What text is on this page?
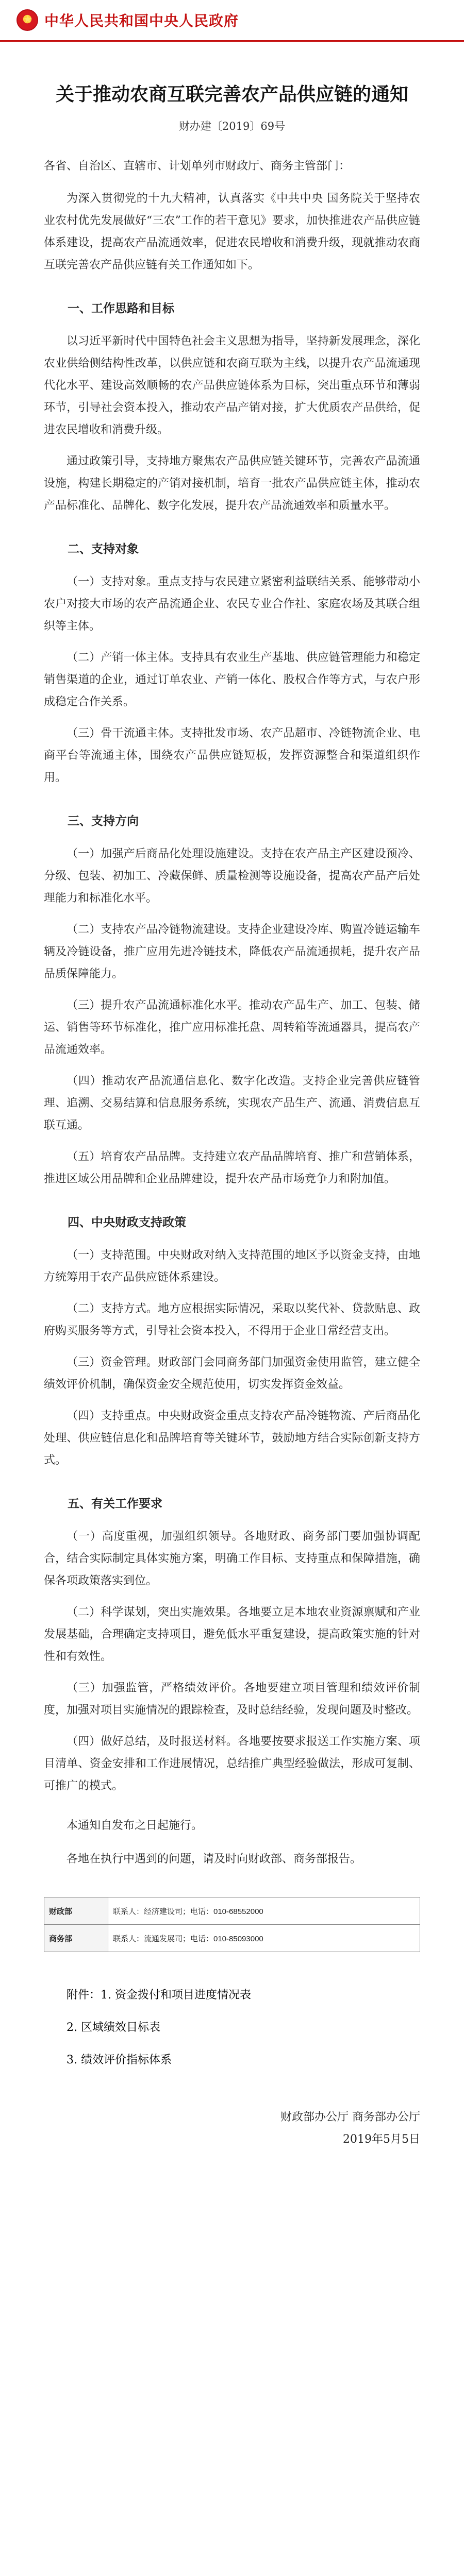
★
中华人民共和国中央人民政府
关于推动农商互联完善农产品供应链的通知
财办建〔2019〕69号
各省、自治区、直辖市、计划单列市财政厅、商务主管部门：

为深入贯彻党的十九大精神，认真落实《中共中央 国务院关于坚持农业农村优先发展做好“三农”工作的若干意见》要求，加快推进农产品供应链体系建设，提高农产品流通效率，促进农民增收和消费升级，现就推动农商互联完善农产品供应链有关工作通知如下。

一、工作思路和目标

以习近平新时代中国特色社会主义思想为指导，坚持新发展理念，深化农业供给侧结构性改革，以供应链和农商互联为主线，以提升农产品流通现代化水平、建设高效顺畅的农产品供应链体系为目标，突出重点环节和薄弱环节，引导社会资本投入，推动农产品产销对接，扩大优质农产品供给，促进农民增收和消费升级。

通过政策引导，支持地方聚焦农产品供应链关键环节，完善农产品流通设施，构建长期稳定的产销对接机制，培育一批农产品供应链主体，推动农产品标准化、品牌化、数字化发展，提升农产品流通效率和质量水平。

二、支持对象

（一）支持对象。重点支持与农民建立紧密利益联结关系、能够带动小农户对接大市场的农产品流通企业、农民专业合作社、家庭农场及其联合组织等主体。

（二）产销一体主体。支持具有农业生产基地、供应链管理能力和稳定销售渠道的企业，通过订单农业、产销一体化、股权合作等方式，与农户形成稳定合作关系。

（三）骨干流通主体。支持批发市场、农产品超市、冷链物流企业、电商平台等流通主体，围绕农产品供应链短板，发挥资源整合和渠道组织作用。

三、支持方向

（一）加强产后商品化处理设施建设。支持在农产品主产区建设预冷、分级、包装、初加工、冷藏保鲜、质量检测等设施设备，提高农产品产后处理能力和标准化水平。

（二）支持农产品冷链物流建设。支持企业建设冷库、购置冷链运输车辆及冷链设备，推广应用先进冷链技术，降低农产品流通损耗，提升农产品品质保障能力。

（三）提升农产品流通标准化水平。推动农产品生产、加工、包装、储运、销售等环节标准化，推广应用标准托盘、周转箱等流通器具，提高农产品流通效率。

（四）推动农产品流通信息化、数字化改造。支持企业完善供应链管理、追溯、交易结算和信息服务系统，实现农产品生产、流通、消费信息互联互通。

（五）培育农产品品牌。支持建立农产品品牌培育、推广和营销体系，推进区域公用品牌和企业品牌建设，提升农产品市场竞争力和附加值。

四、中央财政支持政策

（一）支持范围。中央财政对纳入支持范围的地区予以资金支持，由地方统筹用于农产品供应链体系建设。

（二）支持方式。地方应根据实际情况，采取以奖代补、贷款贴息、政府购买服务等方式，引导社会资本投入，不得用于企业日常经营支出。

（三）资金管理。财政部门会同商务部门加强资金使用监管，建立健全绩效评价机制，确保资金安全规范使用，切实发挥资金效益。

（四）支持重点。中央财政资金重点支持农产品冷链物流、产后商品化处理、供应链信息化和品牌培育等关键环节，鼓励地方结合实际创新支持方式。

五、有关工作要求

（一）高度重视，加强组织领导。各地财政、商务部门要加强协调配合，结合实际制定具体实施方案，明确工作目标、支持重点和保障措施，确保各项政策落实到位。

（二）科学谋划，突出实施效果。各地要立足本地农业资源禀赋和产业发展基础，合理确定支持项目，避免低水平重复建设，提高政策实施的针对性和有效性。

（三）加强监管，严格绩效评价。各地要建立项目管理和绩效评价制度，加强对项目实施情况的跟踪检查，及时总结经验，发现问题及时整改。

（四）做好总结，及时报送材料。各地要按要求报送工作实施方案、项目清单、资金安排和工作进展情况，总结推广典型经验做法，形成可复制、可推广的模式。

本通知自发布之日起施行。
各地在执行中遇到的问题，请及时向财政部、商务部报告。
财政部	联系人：经济建设司；电话：010-68552000
商务部	联系人：流通发展司；电话：010-85093000
附件：1. 资金拨付和项目进度情况表
2. 区域绩效目标表
3. 绩效评价指标体系
财政部办公厅 商务部办公厅
2019年5月5日
